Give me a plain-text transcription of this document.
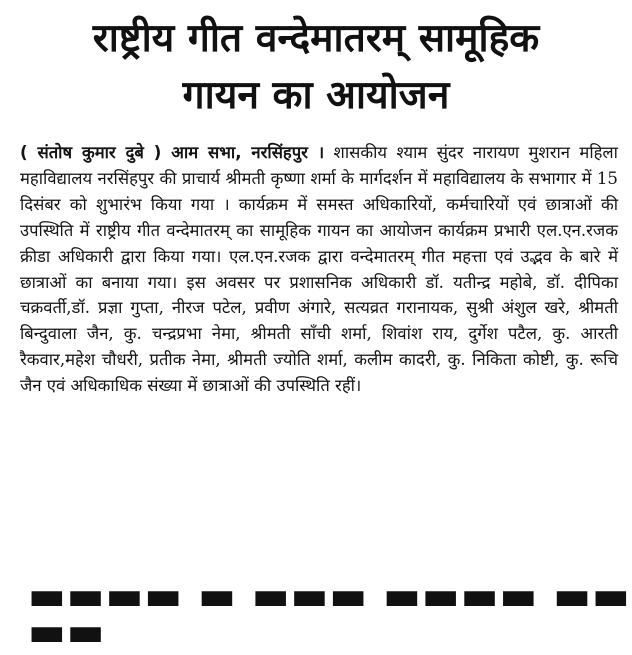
राष्ट्रीय गीत वन्देमातरम् सामूहिक
गायन का आयोजन
( संतोष कुमार दुबे ) आम सभा, नरसिंहपुर । शासकीय श्याम सुंदर नारायण मुशरान महिला महाविद्यालय नरसिंहपुर की प्राचार्य श्रीमती कृष्णा शर्मा के मार्गदर्शन में महाविद्यालय के सभागार में 15 दिसंबर को शुभारंभ किया गया । कार्यक्रम में समस्त अधिकारियों, कर्मचारियों एवं छात्राओं की उपस्थिति में राष्ट्रीय गीत वन्देमातरम् का सामूहिक गायन का आयोजन कार्यक्रम प्रभारी एल.एन.रजक क्रीडा अधिकारी द्वारा किया गया। एल.एन.रजक द्वारा वन्देमातरम् गीत महत्ता एवं उद्भव के बारे में छात्राओं का बनाया गया। इस अवसर पर प्रशासनिक अधिकारी डॉ. यतीन्द्र महोबे, डॉ. दीपिका चक्रवर्ती,डॉ. प्रज्ञा गुप्ता, नीरज पटेल, प्रवीण अंगारे, सत्यव्रत गरानायक, सुश्री अंशुल खरे, श्रीमती बिन्दुवाला जैन, कु. चन्द्रप्रभा नेमा, श्रीमती साँची शर्मा, शिवांश राय, दुर्गेश पटैल, कु. आरती रैकवार,महेश चौधरी, प्रतीक नेमा, श्रीमती ज्योति शर्मा, कलीम कादरी, कु. निकिता कोष्टी, कु. रूचि जैन एवं अधिकाधिक संख्या में छात्राओं की उपस्थिति रहीं।
▬▬▬▬ ▬ ▬▬▬ ▬▬▬▬ ▬▬ ▬▬
